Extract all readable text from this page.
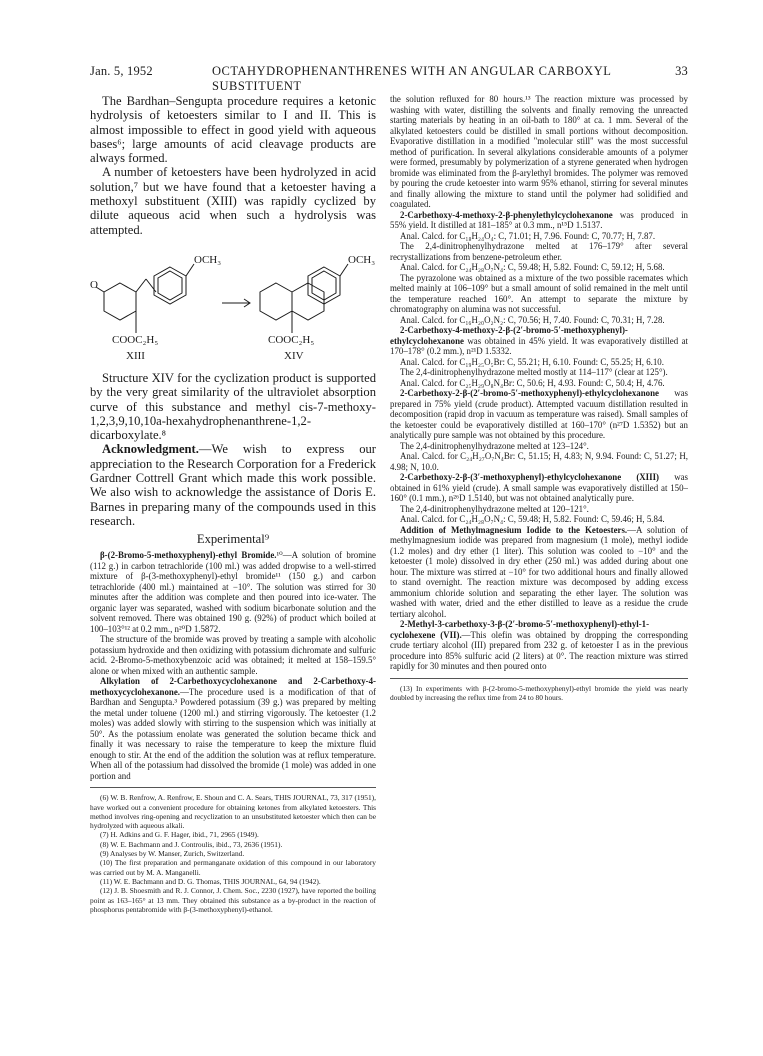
Jan. 5, 1952	OCTAHYDROPHENANTHRENES WITH AN ANGULAR CARBOXYL SUBSTITUENT
33

The Bardhan–Sengupta procedure requires a ketonic hydrolysis of ketoesters similar to I and II. This is almost impossible to effect in good yield with aqueous bases⁶; large amounts of acid cleavage products are always formed.

A number of ketoesters have been hydrolyzed in acid solution,⁷ but we have found that a ketoester having a methoxyl substituent (XIII) was rapidly cyclized by dilute aqueous acid when such a hydrolysis was attempted.

OCH₃
O
COOC₂H₅
XIII
OCH₃
COOC₂H₅
XIV

Structure XIV for the cyclization product is supported by the very great similarity of the ultraviolet absorption curve of this substance and methyl cis-7-methoxy-1,2,3,9,10,10a-hexahydrophenanthrene-1,2-dicarboxylate.⁸

Acknowledgment.—We wish to express our appreciation to the Research Corporation for a Frederick Gardner Cottrell Grant which made this work possible. We also wish to acknowledge the assistance of Doris E. Barnes in preparing many of the compounds used in this research.

Experimental⁹

β-(2-Bromo-5-methoxyphenyl)-ethyl Bromide.¹⁰—A solution of bromine (112 g.) in carbon tetrachloride (100 ml.) was added dropwise to a well-stirred mixture of β-(3-methoxyphenyl)-ethyl bromide¹¹ (150 g.) and carbon tetrachloride (400 ml.) maintained at −10°. The solution was stirred for 30 minutes after the addition was complete and then poured into ice-water. The organic layer was separated, washed with sodium bicarbonate solution and the solvent removed. There was obtained 190 g. (92%) of product which boiled at 100–103°¹² at 0.2 mm., n²⁰D 1.5872.

The structure of the bromide was proved by treating a sample with alcoholic potassium hydroxide and then oxidizing with potassium dichromate and sulfuric acid. 2-Bromo-5-methoxybenzoic acid was obtained; it melted at 158–159.5° alone or when mixed with an authentic sample.

Alkylation of 2-Carbethoxycyclohexanone and 2-Carbethoxy-4-methoxycyclohexanone.—The procedure used is a modification of that of Bardhan and Sengupta.³ Powdered potassium (39 g.) was prepared by melting the metal under toluene (1200 ml.) and stirring vigorously. The ketoester (1.2 moles) was added slowly with stirring to the suspension which was initially at 50°. As the potassium enolate was generated the solution became thick and finally it was necessary to raise the temperature to keep the mixture fluid enough to stir. At the end of the addition the solution was at reflux temperature. When all of the potassium had dissolved the bromide (1 mole) was added in one portion and

(6) W. B. Renfrow, A. Renfrow, E. Shoun and C. A. Sears, THIS JOURNAL, 73, 317 (1951), have worked out a convenient procedure for obtaining ketones from alkylated ketoesters. This method involves ring-opening and recyclization to an unsubstituted ketoester which then can be hydrolyzed with aqueous alkali.

(7) H. Adkins and G. F. Hager, ibid., 71, 2965 (1949).

(8) W. E. Bachmann and J. Controulis, ibid., 73, 2636 (1951).

(9) Analyses by W. Manser, Zurich, Switzerland.

(10) The first preparation and permanganate oxidation of this compound in our laboratory was carried out by M. A. Manganelli.

(11) W. E. Bachmann and D. G. Thomas, THIS JOURNAL, 64, 94 (1942).

(12) J. B. Shoesmith and R. J. Connor, J. Chem. Soc., 2230 (1927), have reported the boiling point as 163–165° at 13 mm. They obtained this substance as a by-product in the reaction of phosphorus pentabromide with β-(3-methoxyphenyl)-ethanol.

the solution refluxed for 80 hours.¹³ The reaction mixture was processed by washing with water, distilling the solvents and finally removing the unreacted starting materials by heating in an oil-bath to 180° at ca. 1 mm. Several of the alkylated ketoesters could be distilled in small portions without decomposition. Evaporative distillation in a modified "molecular still" was the most successful method of purification. In several alkylations considerable amounts of a polymer were formed, presumably by polymerization of a styrene generated when hydrogen bromide was eliminated from the β-arylethyl bromides. The polymer was removed by pouring the crude ketoester into warm 95% ethanol, stirring for several minutes and finally allowing the mixture to stand until the polymer had solidified and coagulated.

2-Carbethoxy-4-methoxy-2-β-phenylethylcyclohexanone was produced in 55% yield. It distilled at 181–185° at 0.3 mm., n¹⁵D 1.5137.

Anal. Calcd. for C₁₈H₂₄O₄: C, 71.01; H, 7.96. Found: C, 70.77; H, 7.87.

The 2,4-dinitrophenylhydrazone melted at 176–179° after several recrystallizations from benzene-petroleum ether.

Anal. Calcd. for C₂₄H₂₈O₇N₄: C, 59.48; H, 5.82. Found: C, 59.12; H, 5.68.

The pyrazolone was obtained as a mixture of the two possible racemates which melted mainly at 106–109° but a small amount of solid remained in the melt until the temperature reached 160°. An attempt to separate the mixture by chromatography on alumina was not successful.

Anal. Calcd. for C₁₆H₂₀O₂N₂: C, 70.56; H, 7.40. Found: C, 70.31; H, 7.28.

2-Carbethoxy-4-methoxy-2-β-(2′-bromo-5′-methoxyphenyl)-ethylcyclohexanone was obtained in 45% yield. It was evaporatively distilled at 170–178° (0.2 mm.), n²¹D 1.5332.

Anal. Calcd. for C₁₉H₂₅O₅Br: C, 55.21; H, 6.10. Found: C, 55.25; H, 6.10.

The 2,4-dinitrophenylhydrazone melted mostly at 114–117° (clear at 125°).

Anal. Calcd. for C₂₅H₂₉O₈N₄Br: C, 50.6; H, 4.93. Found: C, 50.4; H, 4.76.

2-Carbethoxy-2-β-(2′-bromo-5′-methoxyphenyl)-ethylcyclohexanone was prepared in 75% yield (crude product). Attempted vacuum distillation resulted in decomposition (rapid drop in vacuum as temperature was raised). Small samples of the ketoester could be evaporatively distilled at 160–170° (n²⁷D 1.5352) but an analytically pure sample was not obtained by this procedure.

The 2,4-dinitrophenylhydrazone melted at 123–124°.

Anal. Calcd. for C₂₄H₂₇O₇N₄Br: C, 51.15; H, 4.83; N, 9.94. Found: C, 51.27; H, 4.98; N, 10.0.

2-Carbethoxy-2-β-(3′-methoxyphenyl)-ethylcyclohexanone (XIII) was obtained in 61% yield (crude). A small sample was evaporatively distilled at 150–160° (0.1 mm.), n²⁶D 1.5140, but was not obtained analytically pure.

The 2,4-dinitrophenylhydrazone melted at 120–121°.

Anal. Calcd. for C₂₄H₂₈O₇N₄: C, 59.48; H, 5.82. Found: C, 59.46; H, 5.84.

Addition of Methylmagnesium Iodide to the Ketoesters.—A solution of methylmagnesium iodide was prepared from magnesium (1 mole), methyl iodide (1.2 moles) and dry ether (1 liter). This solution was cooled to −10° and the ketoester (1 mole) dissolved in dry ether (250 ml.) was added during about one hour. The mixture was stirred at −10° for two additional hours and finally allowed to stand overnight. The reaction mixture was decomposed by adding excess ammonium chloride solution and separating the ether layer. The solution was washed with water, dried and the ether distilled to leave as a residue the crude tertiary alcohol.

2-Methyl-3-carbethoxy-3-β-(2′-bromo-5′-methoxyphenyl)-ethyl-1-cyclohexene (VII).—This olefin was obtained by dropping the corresponding crude tertiary alcohol (III) prepared from 232 g. of ketoester I as in the previous procedure into 85% sulfuric acid (2 liters) at 0°. The reaction mixture was stirred rapidly for 30 minutes and then poured onto

(13) In experiments with β-(2-bromo-5-methoxyphenyl)-ethyl bromide the yield was nearly doubled by increasing the reflux time from 24 to 80 hours.
